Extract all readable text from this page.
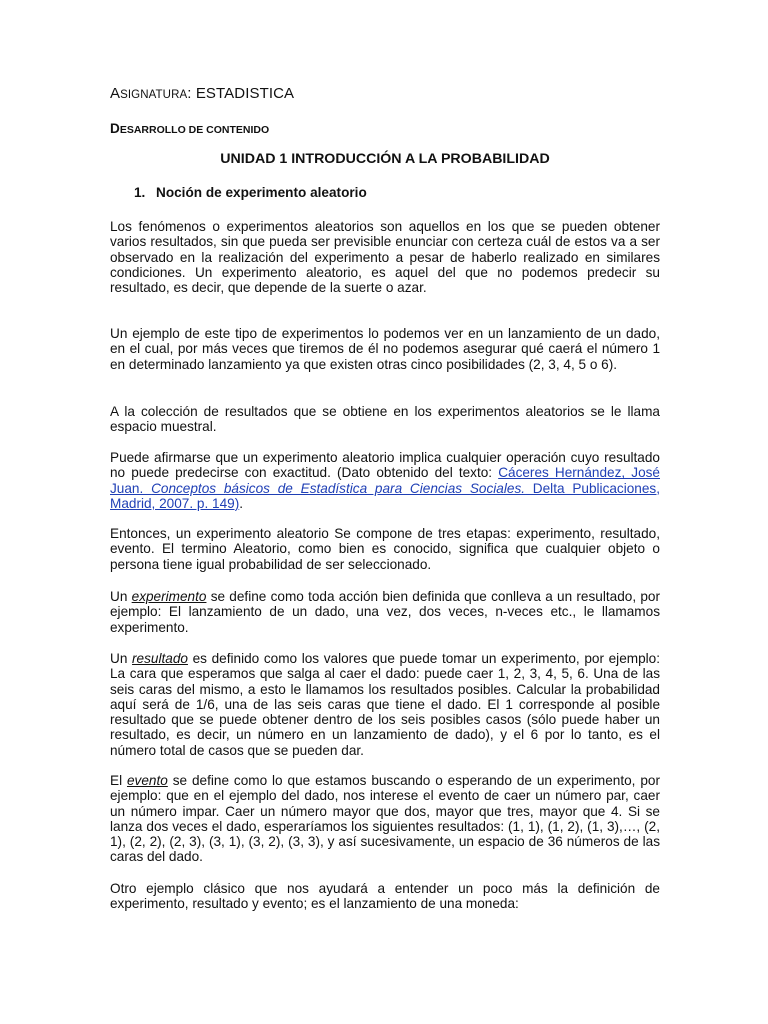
ASIGNATURA: ESTADISTICA
DESARROLLO DE CONTENIDO
UNIDAD 1 INTRODUCCIÓN A LA PROBABILIDAD
1. Noción de experimento aleatorio

Los fenómenos o experimentos aleatorios son aquellos en los que se pueden obtener varios resultados, sin que pueda ser previsible enunciar con certeza cuál de estos va a ser observado en la realización del experimento a pesar de haberlo realizado en similares condiciones. Un experimento aleatorio, es aquel del que no podemos predecir su resultado, es decir, que depende de la suerte o azar.

Un ejemplo de este tipo de experimentos lo podemos ver en un lanzamiento de un dado, en el cual, por más veces que tiremos de él no podemos asegurar qué caerá el número 1 en determinado lanzamiento ya que existen otras cinco posibilidades (2, 3, 4, 5 o 6).

A la colección de resultados que se obtiene en los experimentos aleatorios se le llama espacio muestral.

Puede afirmarse que un experimento aleatorio implica cualquier operación cuyo resultado no puede predecirse con exactitud. (Dato obtenido del texto: Cáceres Hernández, José Juan. Conceptos básicos de Estadística para Ciencias Sociales. Delta Publicaciones, Madrid, 2007. p. 149).

Entonces, un experimento aleatorio Se compone de tres etapas: experimento, resultado, evento. El termino Aleatorio, como bien es conocido, significa que cualquier objeto o persona tiene igual probabilidad de ser seleccionado.

Un experimento se define como toda acción bien definida que conlleva a un resultado, por ejemplo: El lanzamiento de un dado, una vez, dos veces, n-veces etc., le llamamos experimento.

Un resultado es definido como los valores que puede tomar un experimento, por ejemplo: La cara que esperamos que salga al caer el dado: puede caer 1, 2, 3, 4, 5, 6. Una de las seis caras del mismo, a esto le llamamos los resultados posibles. Calcular la probabilidad aquí será de 1/6, una de las seis caras que tiene el dado. El 1 corresponde al posible resultado que se puede obtener dentro de los seis posibles casos (sólo puede haber un resultado, es decir, un número en un lanzamiento de dado), y el 6 por lo tanto, es el número total de casos que se pueden dar.

El evento se define como lo que estamos buscando o esperando de un experimento, por ejemplo: que en el ejemplo del dado, nos interese el evento de caer un número par, caer un número impar. Caer un número mayor que dos, mayor que tres, mayor que 4. Si se lanza dos veces el dado, esperaríamos los siguientes resultados: (1, 1), (1, 2), (1, 3),…, (2, 1), (2, 2), (2, 3), (3, 1), (3, 2), (3, 3), y así sucesivamente, un espacio de 36 números de las caras del dado.

Otro ejemplo clásico que nos ayudará a entender un poco más la definición de experimento, resultado y evento; es el lanzamiento de una moneda:
